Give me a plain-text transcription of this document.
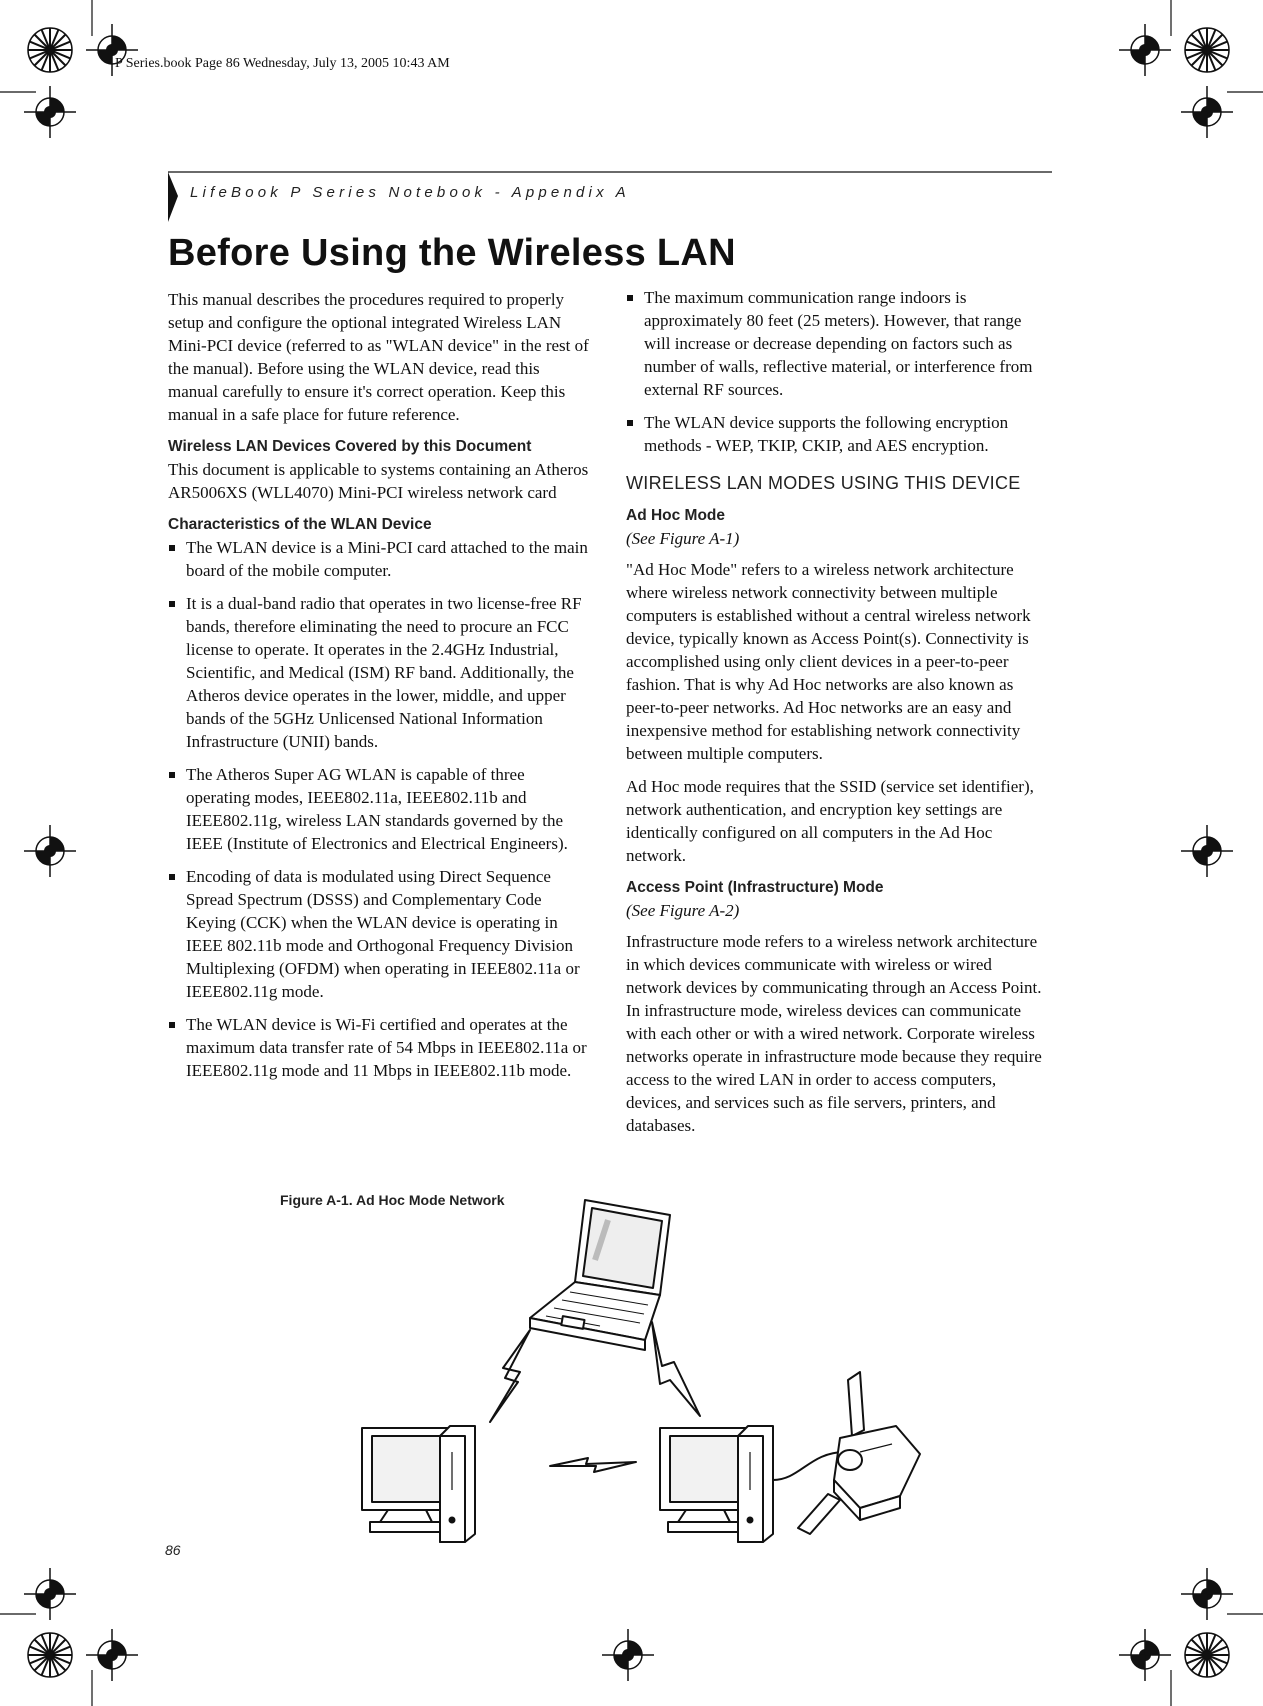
P Series.book Page 86 Wednesday, July 13, 2005 10:43 AM
LifeBook P Series Notebook - Appendix A
Before Using the Wireless LAN

This manual describes the procedures required to properly setup and configure the optional integrated Wireless LAN Mini-PCI device (referred to as "WLAN device" in the rest of the manual). Before using the WLAN device, read this manual carefully to ensure it's correct operation. Keep this manual in a safe place for future reference.

Wireless LAN Devices Covered by this Document

This document is applicable to systems containing an Atheros AR5006XS (WLL4070) Mini-PCI wireless network card

Characteristics of the WLAN Device
The WLAN device is a Mini-PCI card attached to the main board of the mobile computer.
It is a dual-band radio that operates in two license-free RF bands, therefore eliminating the need to procure an FCC license to operate. It operates in the 2.4GHz Industrial, Scientific, and Medical (ISM) RF band. Additionally, the Atheros device operates in the lower, middle, and upper bands of the 5GHz Unlicensed National Information Infrastructure (UNII) bands.
The Atheros Super AG WLAN is capable of three operating modes, IEEE802.11a, IEEE802.11b and IEEE802.11g, wireless LAN standards governed by the IEEE (Institute of Electronics and Electrical Engineers).
Encoding of data is modulated using Direct Sequence Spread Spectrum (DSSS) and Complementary Code Keying (CCK) when the WLAN device is operating in IEEE 802.11b mode and Orthogonal Frequency Division Multiplexing (OFDM) when operating in IEEE802.11a or IEEE802.11g mode.
The WLAN device is Wi-Fi certified and operates at the maximum data transfer rate of 54 Mbps in IEEE802.11a or IEEE802.11g mode and 11 Mbps in IEEE802.11b mode.
The maximum communication range indoors is approximately 80 feet (25 meters). However, that range will increase or decrease depending on factors such as number of walls, reflective material, or interference from external RF sources.
The WLAN device supports the following encryption methods - WEP, TKIP, CKIP, and AES encryption.
WIRELESS LAN MODES USING THIS DEVICE
Ad Hoc Mode
(See Figure A-1)

"Ad Hoc Mode" refers to a wireless network architecture where wireless network connectivity between multiple computers is established without a central wireless network device, typically known as Access Point(s). Connectivity is accomplished using only client devices in a peer-to-peer fashion. That is why Ad Hoc networks are also known as peer-to-peer networks. Ad Hoc networks are an easy and inexpensive method for establishing network connectivity between multiple computers.

Ad Hoc mode requires that the SSID (service set identifier), network authentication, and encryption key settings are identically configured on all computers in the Ad Hoc network.

Access Point (Infrastructure) Mode
(See Figure A-2)

Infrastructure mode refers to a wireless network architecture in which devices communicate with wireless or wired network devices by communicating through an Access Point. In infrastructure mode, wireless devices can communicate with each other or with a wired network. Corporate wireless networks operate in infrastructure mode because they require access to the wired LAN in order to access computers, devices, and services such as file servers, printers, and databases.

Figure A-1. Ad Hoc Mode Network
86
